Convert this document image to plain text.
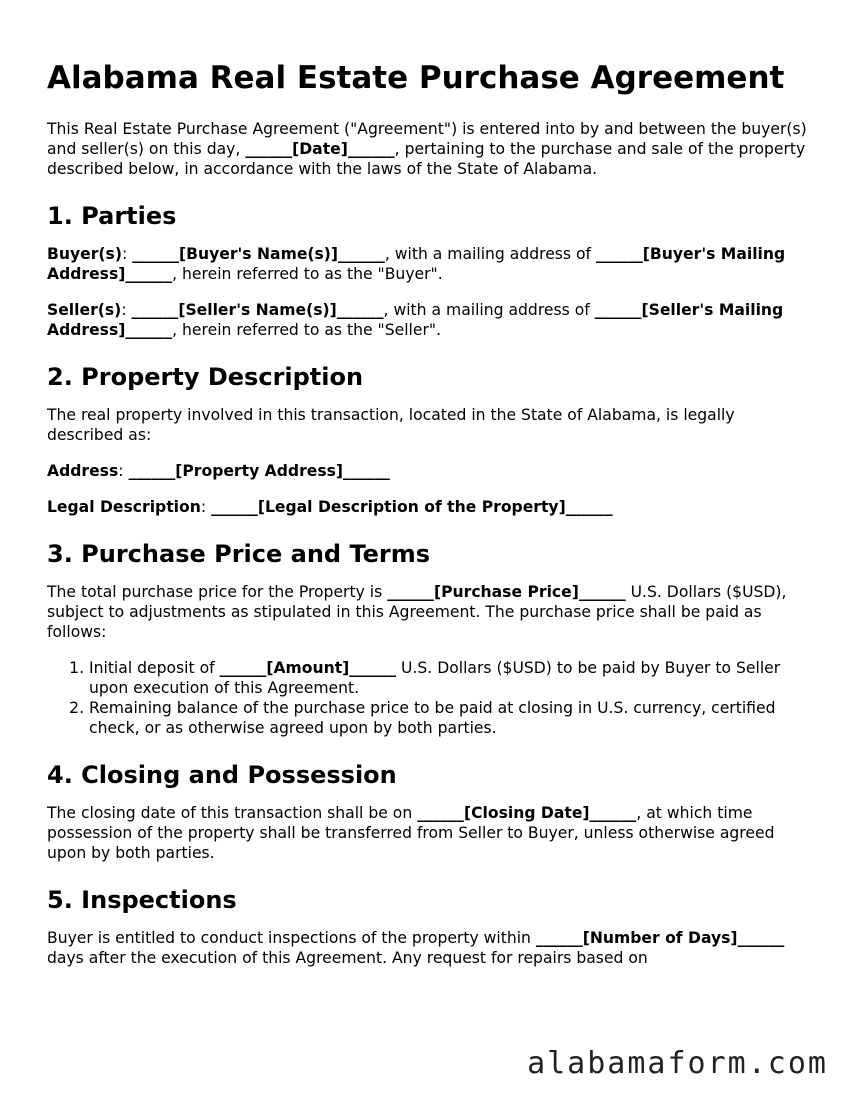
Alabama Real Estate Purchase Agreement

This Real Estate Purchase Agreement ("Agreement") is entered into by and between the buyer(s) and seller(s) on this day, ______[Date]______, pertaining to the purchase and sale of the property described below, in accordance with the laws of the State of Alabama.

1. Parties

Buyer(s): ______[Buyer's Name(s)]______, with a mailing address of ______[Buyer's Mailing Address]______, herein referred to as the "Buyer".

Seller(s): ______[Seller's Name(s)]______, with a mailing address of ______[Seller's Mailing Address]______, herein referred to as the "Seller".

2. Property Description

The real property involved in this transaction, located in the State of Alabama, is legally described as:

Address: ______[Property Address]______

Legal Description: ______[Legal Description of the Property]______

3. Purchase Price and Terms

The total purchase price for the Property is ______[Purchase Price]______ U.S. Dollars ($USD), subject to adjustments as stipulated in this Agreement. The purchase price shall be paid as follows:

1. Initial deposit of ______[Amount]______ U.S. Dollars ($USD) to be paid by Buyer to Seller upon execution of this Agreement.
2. Remaining balance of the purchase price to be paid at closing in U.S. currency, certified check, or as otherwise agreed upon by both parties.
4. Closing and Possession

The closing date of this transaction shall be on ______[Closing Date]______, at which time possession of the property shall be transferred from Seller to Buyer, unless otherwise agreed upon by both parties.

5. Inspections

Buyer is entitled to conduct inspections of the property within ______[Number of Days]______ days after the execution of this Agreement. Any request for repairs based on

alabamaform.com
